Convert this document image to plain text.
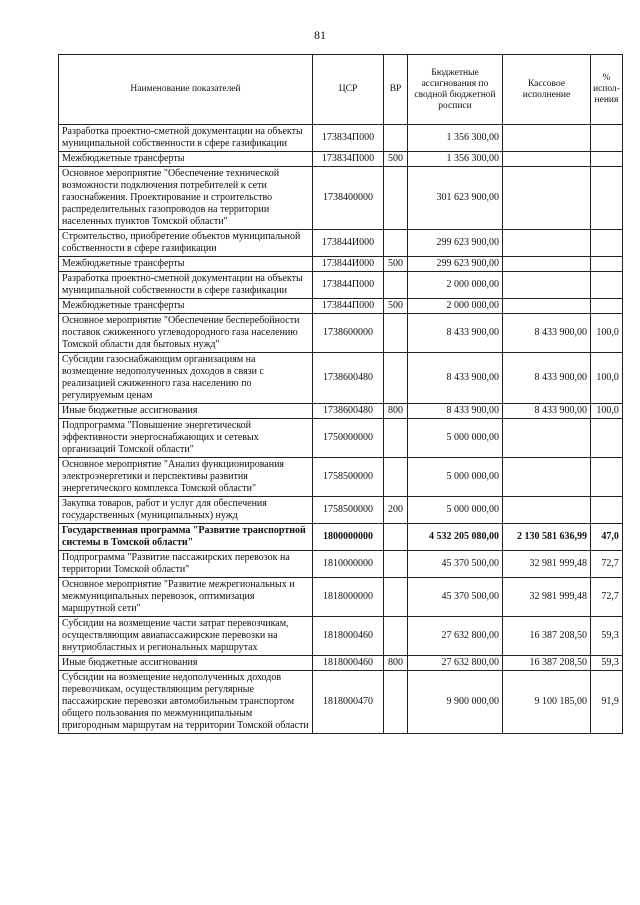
81
Наименование показателей	ЦСР	ВР	Бюджетные ассигнования по сводной бюджетной росписи	Кассовое исполнение	% испол-нения
Разработка проектно-сметной документации на объекты муниципальной собственности в сфере газификации	173834П000		1 356 300,00		
Межбюджетные трансферты	173834П000	500	1 356 300,00		
Основное мероприятие "Обеспечение технической возможности подключения потребителей к сети газоснабжения. Проектирование и строительство распределительных газопроводов на территории населенных пунктов Томской области"	1738400000		301 623 900,00		
Строительство, приобретение объектов муниципальной собственности в сфере газификации	173844И000		299 623 900,00		
Межбюджетные трансферты	173844И000	500	299 623 900,00		
Разработка проектно-сметной документации на объекты муниципальной собственности в сфере газификации	173844П000		2 000 000,00		
Межбюджетные трансферты	173844П000	500	2 000 000,00		
Основное мероприятие "Обеспечение бесперебойности поставок сжиженного углеводородного газа населению Томской области для бытовых нужд"	1738600000		8 433 900,00	8 433 900,00	100,0
Субсидии газоснабжающим организациям на возмещение недополученных доходов в связи с реализацией сжиженного газа населению по регулируемым ценам	1738600480		8 433 900,00	8 433 900,00	100,0
Иные бюджетные ассигнования	1738600480	800	8 433 900,00	8 433 900,00	100,0
Подпрограмма "Повышение энергетической эффективности энергоснабжающих и сетевых организаций Томской области"	1750000000		5 000 000,00		
Основное мероприятие "Анализ функционирования электроэнергетики и перспективы развития энергетического комплекса Томской области"	1758500000		5 000 000,00		
Закупка товаров, работ и услуг для обеспечения государственных (муниципальных) нужд	1758500000	200	5 000 000,00		
Государственная программа "Развитие транспортной системы в Томской области"	1800000000		4 532 205 080,00	2 130 581 636,99	47,0
Подпрограмма "Развитие пассажирских перевозок на территории Томской области"	1810000000		45 370 500,00	32 981 999,48	72,7
Основное мероприятие "Развитие межрегиональных и межмуниципальных перевозок, оптимизация маршрутной сети"	1818000000		45 370 500,00	32 981 999,48	72,7
Субсидии на возмещение части затрат перевозчикам, осуществляющим авиапассажирские перевозки на внутриобластных и региональных маршрутах	1818000460		27 632 800,00	16 387 208,50	59,3
Иные бюджетные ассигнования	1818000460	800	27 632 800,00	16 387 208,50	59,3
Субсидии на возмещение недополученных доходов перевозчикам, осуществляющим регулярные пассажирские перевозки автомобильным транспортом общего пользования по межмуниципальным пригородным маршрутам на территории Томской области	1818000470		9 900 000,00	9 100 185,00	91,9
